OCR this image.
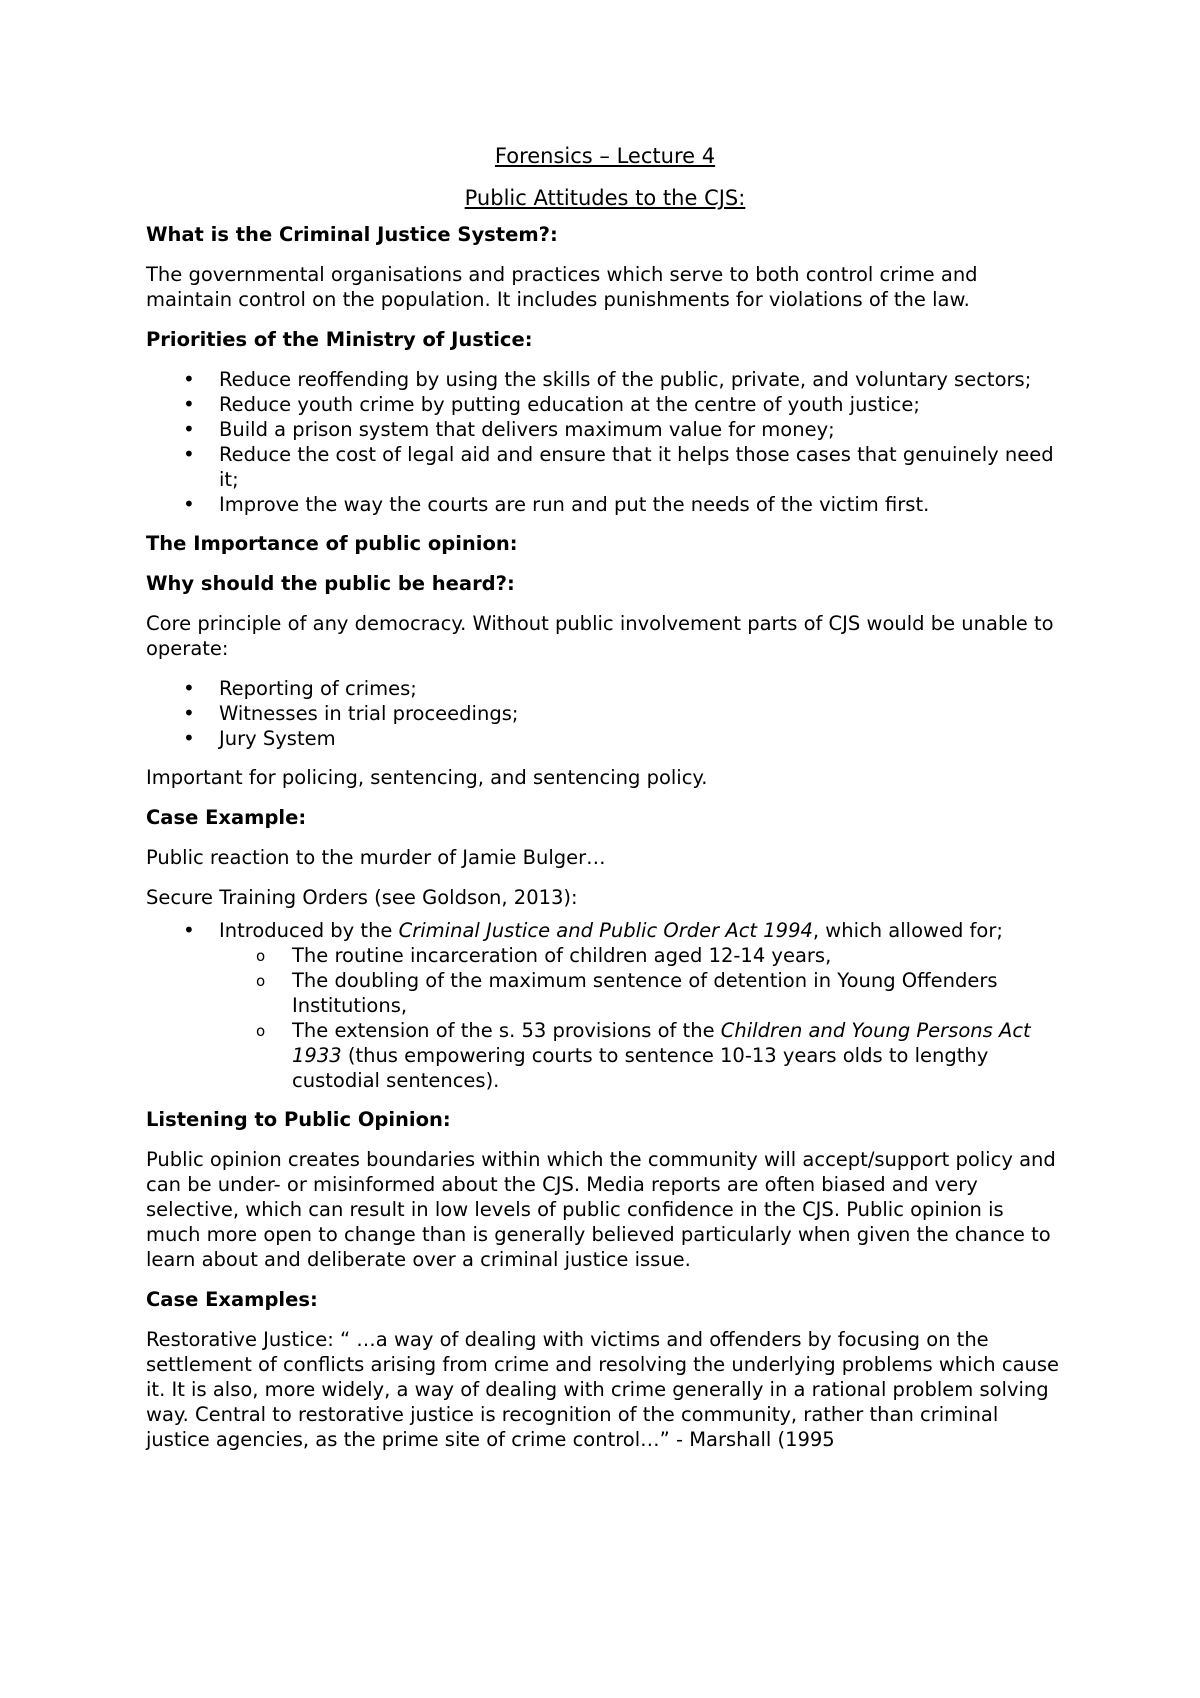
Forensics – Lecture 4
Public Attitudes to the CJS:
What is the Criminal Justice System?:

The governmental organisations and practices which serve to both control crime and maintain control on the population. It includes punishments for violations of the law.

Priorities of the Ministry of Justice:
• Reduce reoffending by using the skills of the public, private, and voluntary sectors;
• Reduce youth crime by putting education at the centre of youth justice;
• Build a prison system that delivers maximum value for money;
• Reduce the cost of legal aid and ensure that it helps those cases that genuinely need it;
• Improve the way the courts are run and put the needs of the victim first.
The Importance of public opinion:
Why should the public be heard?:

Core principle of any democracy. Without public involvement parts of CJS would be unable to operate:

• Reporting of crimes;
• Witnesses in trial proceedings;
• Jury System

Important for policing, sentencing, and sentencing policy.

Case Example:

Public reaction to the murder of Jamie Bulger…

Secure Training Orders (see Goldson, 2013):

• Introduced by the Criminal Justice and Public Order Act 1994, which allowed for;
o The routine incarceration of children aged 12-14 years,
o The doubling of the maximum sentence of detention in Young Offenders Institutions,
o The extension of the s. 53 provisions of the Children and Young Persons Act 1933 (thus empowering courts to sentence 10-13 years olds to lengthy custodial sentences).
Listening to Public Opinion:

Public opinion creates boundaries within which the community will accept/support policy and can be under- or misinformed about the CJS. Media reports are often biased and very selective, which can result in low levels of public confidence in the CJS. Public opinion is much more open to change than is generally believed particularly when given the chance to learn about and deliberate over a criminal justice issue.

Case Examples:

Restorative Justice: “ …a way of dealing with victims and offenders by focusing on the settlement of conflicts arising from crime and resolving the underlying problems which cause it. It is also, more widely, a way of dealing with crime generally in a rational problem solving way. Central to restorative justice is recognition of the community, rather than criminal justice agencies, as the prime site of crime control…” - Marshall (1995
